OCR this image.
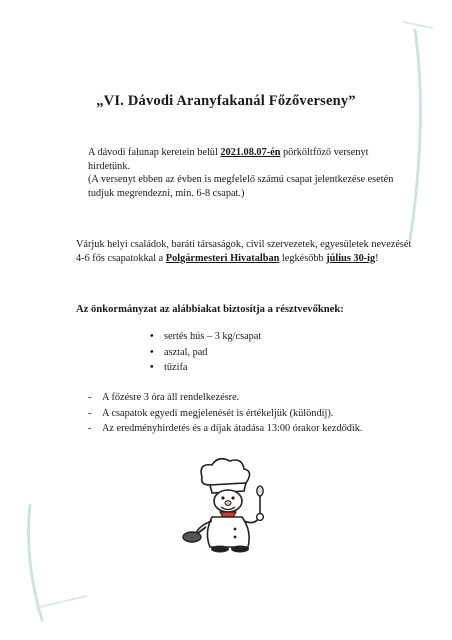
„VI. Dávodi Aranyfakanál Főzőverseny”
A dávodi falunap keretein belül 2021.08.07-én pörköltfőző versenyt hirdetünk.
(A versenyt ebben az évben is megfelelő számú csapat jelentkezése esetén tudjuk megrendezni, min. 6-8 csapat.)
Várjuk helyi családok, baráti társaságok, civil szervezetek, egyesületek nevezését 4-6 fős csapatokkal a Polgármesteri Hivatalban legkésőbb július 30-ig!
Az önkormányzat az alábbiakat biztosítja a résztvevőknek:
• sertés hús – 3 kg/csapat
• asztal, pad
• tűzifa
- A főzésre 3 óra áll rendelkezésre.
- A csapatok egyedi megjelenését is értékeljük (különdíj).
- Az eredményhirdetés és a díjak átadása 13:00 órakor kezdődik.
